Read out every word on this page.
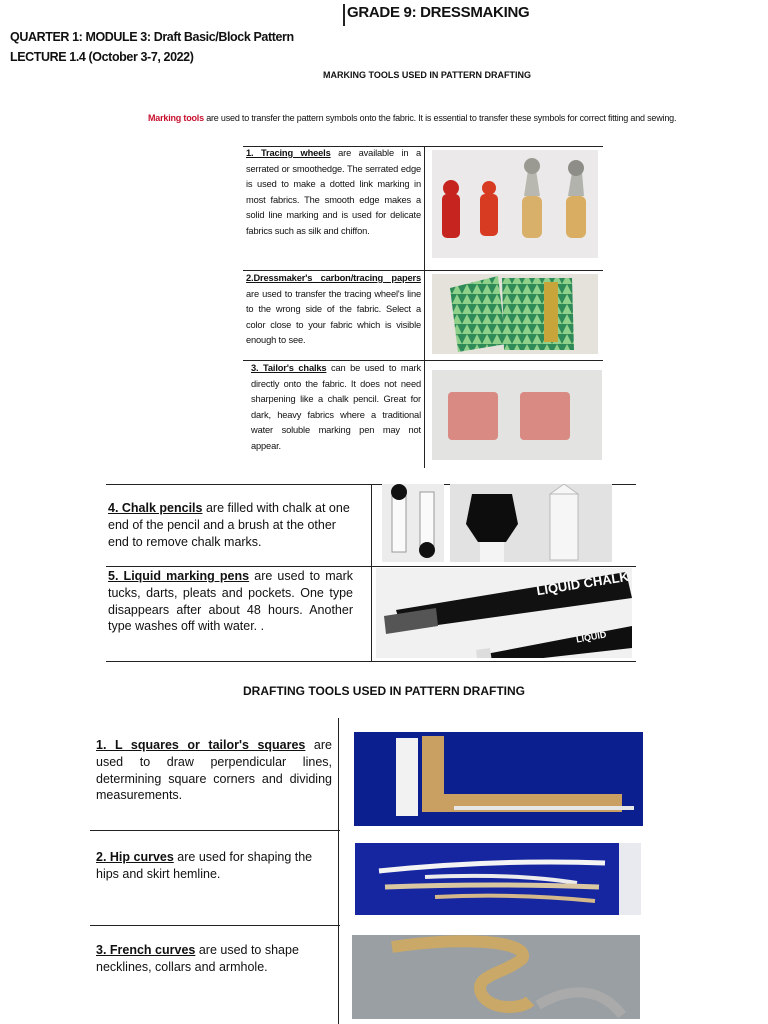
GRADE 9: DRESSMAKING
QUARTER 1: MODULE 3: Draft Basic/Block Pattern
LECTURE 1.4 (October 3-7, 2022)
MARKING TOOLS USED IN PATTERN DRAFTING
Marking tools are used to transfer the pattern symbols onto the fabric. It is essential to transfer these symbols for correct fitting and sewing.
1. Tracing wheels are available in a serrated or smoothedge. The serrated edge is used to make a dotted link marking in most fabrics. The smooth edge makes a solid line marking and is used for delicate fabrics such as silk and chiffon.
2.Dressmaker's carbon/tracing papers are used to transfer the tracing wheel's line to the wrong side of the fabric. Select a color close to your fabric which is visible enough to see.
3. Tailor's chalks can be used to mark directly onto the fabric. It does not need sharpening like a chalk pencil. Great for dark, heavy fabrics where a traditional water soluble marking pen may not appear.
4. Chalk pencils are filled with chalk at one end of the pencil and a brush at the other end to remove chalk marks.
5. Liquid marking pens are used to mark tucks, darts, pleats and pockets. One type disappears after about 48 hours. Another type washes off with water. .
LIQUID CHALK
LIQUID
DRAFTING TOOLS USED IN PATTERN DRAFTING
1. L squares or tailor's squares are used to draw perpendicular lines, determining square corners and dividing measurements.
2. Hip curves are used for shaping the hips and skirt hemline.
3. French curves are used to shape necklines, collars and armhole.
